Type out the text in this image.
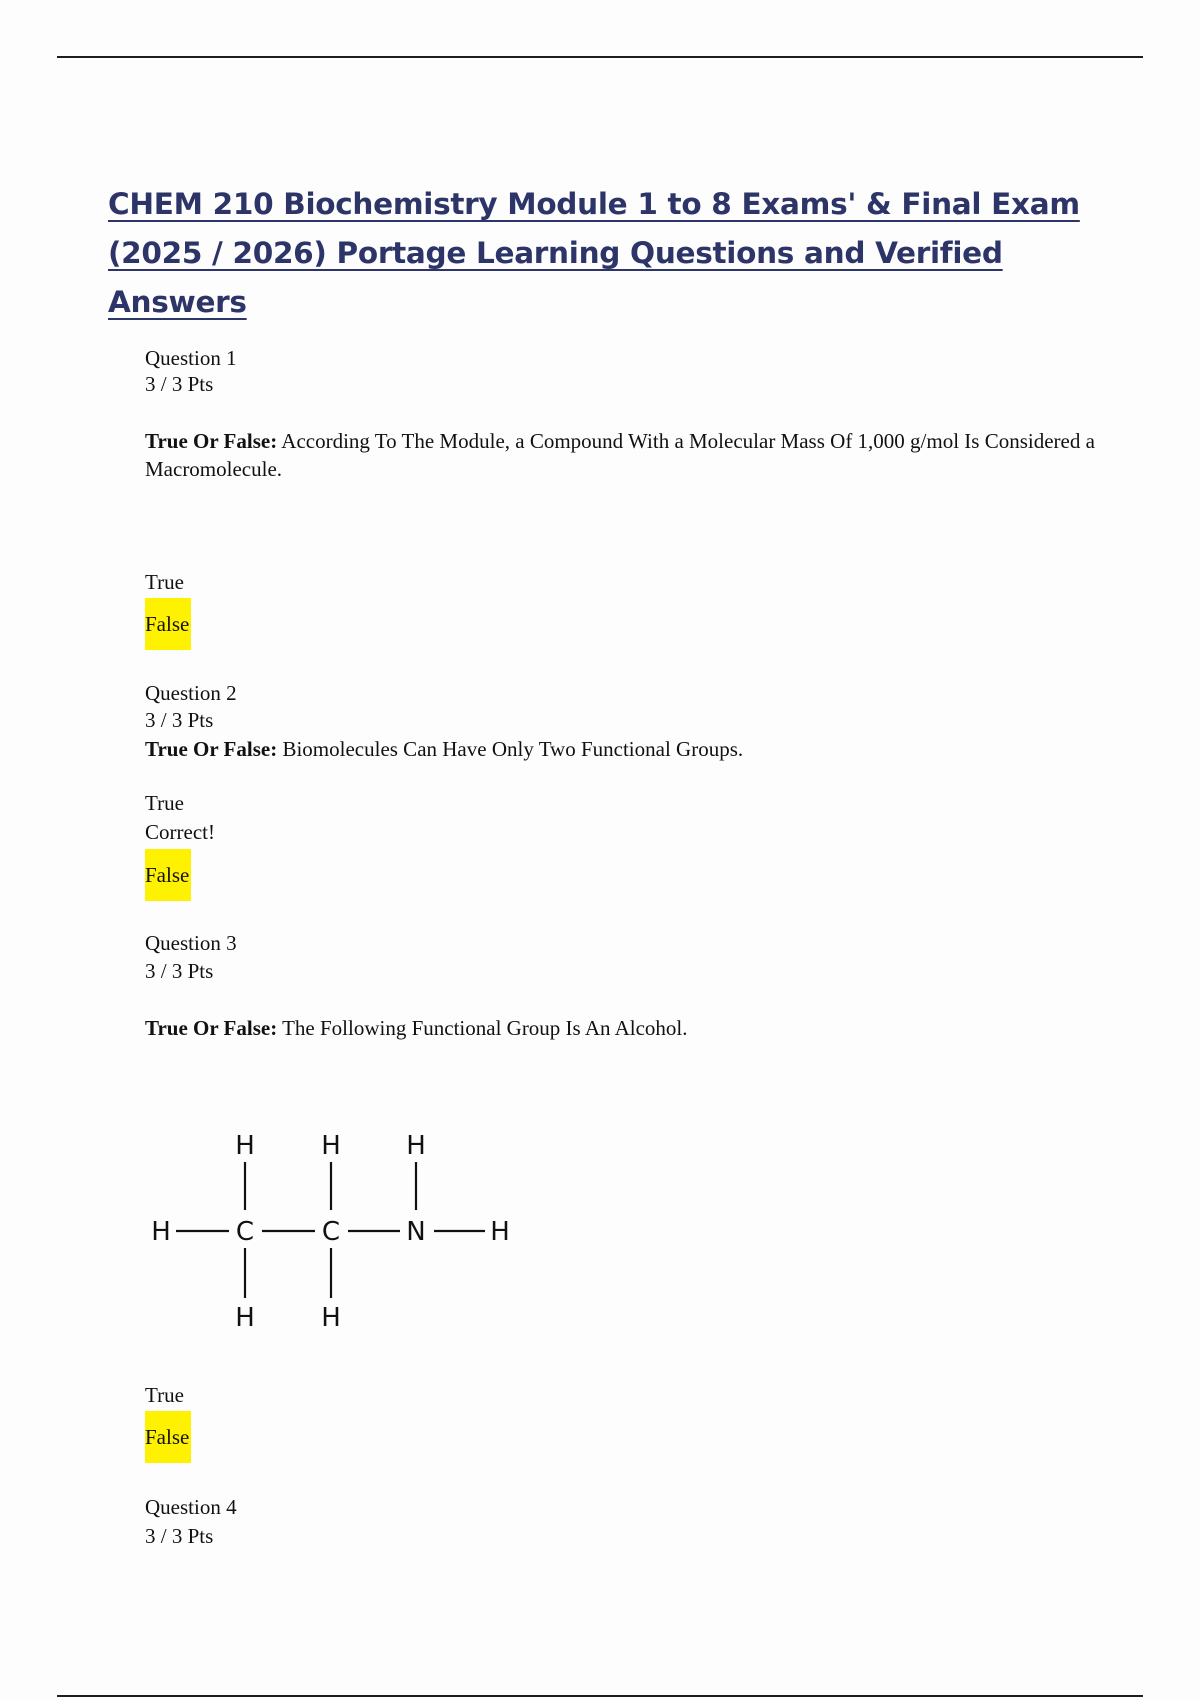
CHEM 210 Biochemistry Module 1 to 8 Exams' & Final Exam (2025 / 2026) Portage Learning Questions and Verified Answers

Question 1

3 / 3 Pts

True Or False: According To The Module, a Compound With a Molecular Mass Of 1,000 g/mol Is Considered a Macromolecule.

True

False

Question 2

3 / 3 Pts

True Or False: Biomolecules Can Have Only Two Functional Groups.

True

Correct!

False

Question 3

3 / 3 Pts

True Or False: The Following Functional Group Is An Alcohol.

H	H	H
H	C	C	N H
H	H

True

False

Question 4

3 / 3 Pts
